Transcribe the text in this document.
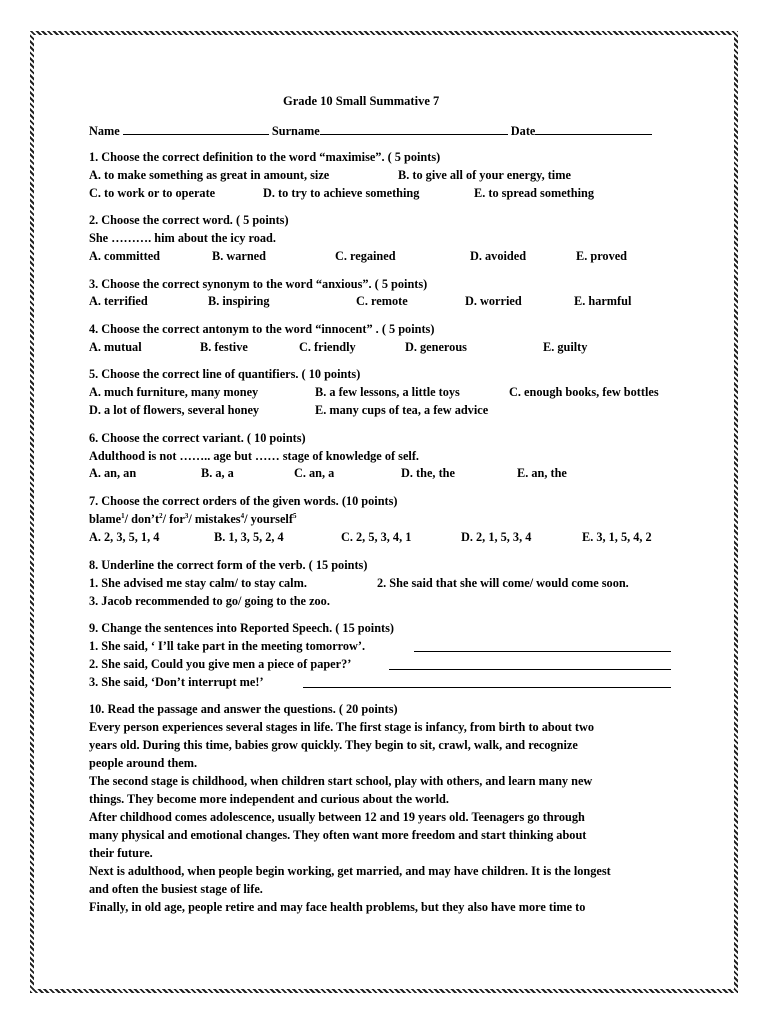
Grade 10 Small Summative 7
Name	Surname	Date
1. Choose the correct definition to the word “maximise”. ( 5 points)
A. to make something as great in amount, size	B. to give all of your energy, time
C. to work or to operate	D. to try to achieve something	E. to spread something
2. Choose the correct word. ( 5 points)
She ………. him about the icy road.
A. committed	B. warned	C. regained	D. avoided	E. proved
3. Choose the correct synonym to the word “anxious”. ( 5 points)
A. terrified	B. inspiring	C. remote	D. worried	E. harmful
4. Choose the correct antonym to the word “innocent” . ( 5 points)
A. mutual	B. festive	C. friendly	D. generous	E. guilty
5. Choose the correct line of quantifiers. ( 10 points)
A. much furniture, many money	B. a few lessons, a little toys	C. enough books, few bottles
D. a lot of flowers, several honey	E. many cups of tea, a few advice
6. Choose the correct variant. ( 10 points)
Adulthood is not …….. age but …… stage of knowledge of self.
A. an, an	B. a, a	C. an, a	D. the, the	E. an, the
7. Choose the correct orders of the given words. (10 points)
blame$^1$/ $don’t^2/$ for$^3$/ mistakes$^4$/ yourself$^5$
A. 2, 3, 5, 1, 4	B. 1, 3, 5, 2, 4	C. 2, 5, 3, 4, 1	D. 2, 1, 5, 3, 4	E. 3, 1, 5, 4, 2
8. Underline the correct form of the verb. ( 15 points)
1. She advised me stay calm/ to stay calm.	2. She said that she will come/ would come soon.
3. Jacob recommended to go/ going to the zoo.
9. Change the sentences into Reported Speech. ( 15 points)
1. She said, ‘ I’ll take part in the meeting tomorrow’.
2. She said, Could you give men a piece of paper?’
3. She said, ‘Don’t interrupt me!’
10. Read the passage and answer the questions. ( 20 points)
Every person experiences several stages in life. The first stage is infancy, from birth to about two
years old. During this time, babies grow quickly. They begin to sit, crawl, walk, and recognize
people around them.
The second stage is childhood, when children start school, play with others, and learn many new
things. They become more independent and curious about the world.
After childhood comes adolescence, usually between 12 and 19 years old. Teenagers go through
many physical and emotional changes. They often want more freedom and start thinking about
their future.
Next is adulthood, when people begin working, get married, and may have children. It is the longest
and often the busiest stage of life.
Finally, in old age, people retire and may face health problems, but they also have more time to
